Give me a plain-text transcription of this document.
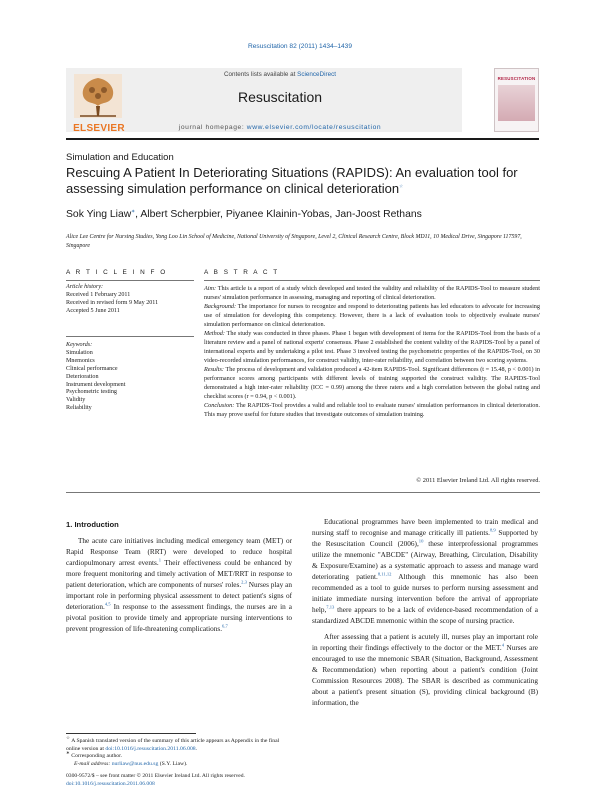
Resuscitation 82 (2011) 1434–1439
ELSEVIER
Contents lists available at ScienceDirect
Resuscitation
journal homepage: www.elsevier.com/locate/resuscitation
RESUSCITATION
Simulation and Education
Rescuing A Patient In Deteriorating Situations (RAPIDS): An evaluation tool for assessing simulation performance on clinical deterioration☆
Sok Ying Liaw∗, Albert Scherpbier, Piyanee Klainin-Yobas, Jan-Joost Rethans
Alice Lee Centre for Nursing Studies, Yong Loo Lin School of Medicine, National University of Singapore, Level 2, Clinical Research Centre, Block MD11, 10 Medical Drive, Singapore 117597, Singapore
A R T I C L E I N F O	A B S T R A C T
Article history:
Received 1 February 2011
Received in revised form 9 May 2011
Accepted 5 June 2011
Keywords:
Simulation
Mnemonics
Clinical performance
Deterioration
Instrument development
Psychometric testing
Validity
Reliability

Aim: This article is a report of a study which developed and tested the validity and reliability of the RAPIDS-Tool to measure student nurses' simulation performance in assessing, managing and reporting of clinical deterioration.

Background: The importance for nurses to recognize and respond to deteriorating patients has led educators to advocate for increasing use of simulation for developing this competency. However, there is a lack of evaluation tools to objectively evaluate nurses' simulation performance on clinical deterioration.

Method: The study was conducted in three phases. Phase 1 began with development of items for the RAPIDS-Tool from the basis of a literature review and a panel of national experts' consensus. Phase 2 established the content validity of the RAPIDS-Tool by a panel of international experts and by undertaking a pilot test. Phase 3 involved testing the psychometric properties of the RAPIDS-Tool, on 30 video-recorded simulation performances, for construct validity, inter-rater reliability, and correlation between two scoring systems.

Results: The process of development and validation produced a 42-item RAPIDS-Tool. Significant differences (t = 15.48, p < 0.001) in performance scores among participants with different levels of training supported the construct validity. The RAPIDS-Tool demonstrated a high inter-rater reliability (ICC = 0.99) among the three raters and a high correlation between the global rating and checklist scores (r = 0.94, p < 0.001).

Conclusion: The RAPIDS-Tool provides a valid and reliable tool to evaluate nurses' simulation performances in clinical deterioration. This may prove useful for future studies that investigate outcomes of simulation training.

© 2011 Elsevier Ireland Ltd. All rights reserved.
1. Introduction
The acute care initiatives including medical emergency team (MET) or Rapid Response Team (RRT) were developed to reduce hospital cardiopulmonary arrest events.$^1$ Their effectiveness could be enhanced by more frequent monitoring and timely activation of MET/RRT in response to patient deterioration, which are components of nurses' roles.$^{2,3}$ Nurses play an important role in performing physical assessment to detect patient's signs of deterioration.$^{4,5}$ In response to the assessment findings, the nurses are in a pivotal position to provide timely and appropriate nursing interventions to prevent progression of life-threatening complications.$^{6,7}$
Educational programmes have been implemented to train medical and nursing staff to recognise and manage critically ill patients.$^{8,9}$ Supported by the Resuscitation Council (2006),$^{10}$ these interprofessional programmes utilize the mnemonic "ABCDE" (Airway, Breathing, Circulation, Disability & Exposure/Examine) as a systematic approach to assess and manage ward deteriorating patient.$^{8,11,12}$ Although this mnemonic has also been recommended as a tool to guide nurses to perform nursing assessment and initiate immediate nursing intervention before the arrival of appropriate help,$^{7,13}$ there appears to be a lack of evidence-based recommendation of a standardized ABCDE mnemonic within the scope of nursing practice.
After assessing that a patient is acutely ill, nurses play an important role in reporting their findings effectively to the doctor or the MET.$^4$ Nurses are encouraged to use the mnemonic SBAR (Situation, Background, Assessment & Recommendation) when reporting about a patient's condition (Joint Commission Resources 2008). The SBAR is described as communicating about a patient's present situation (S), providing clinical background (B) information, the
☆ A Spanish translated version of the summary of this article appears as Appendix in the final online version at doi:10.1016/j.resuscitation.2011.06.008.
∗ Corresponding author.
E-mail address: nurliaw@nus.edu.sg (S.Y. Liaw).
0300-9572/$ – see front matter © 2011 Elsevier Ireland Ltd. All rights reserved.
doi:10.1016/j.resuscitation.2011.06.008
